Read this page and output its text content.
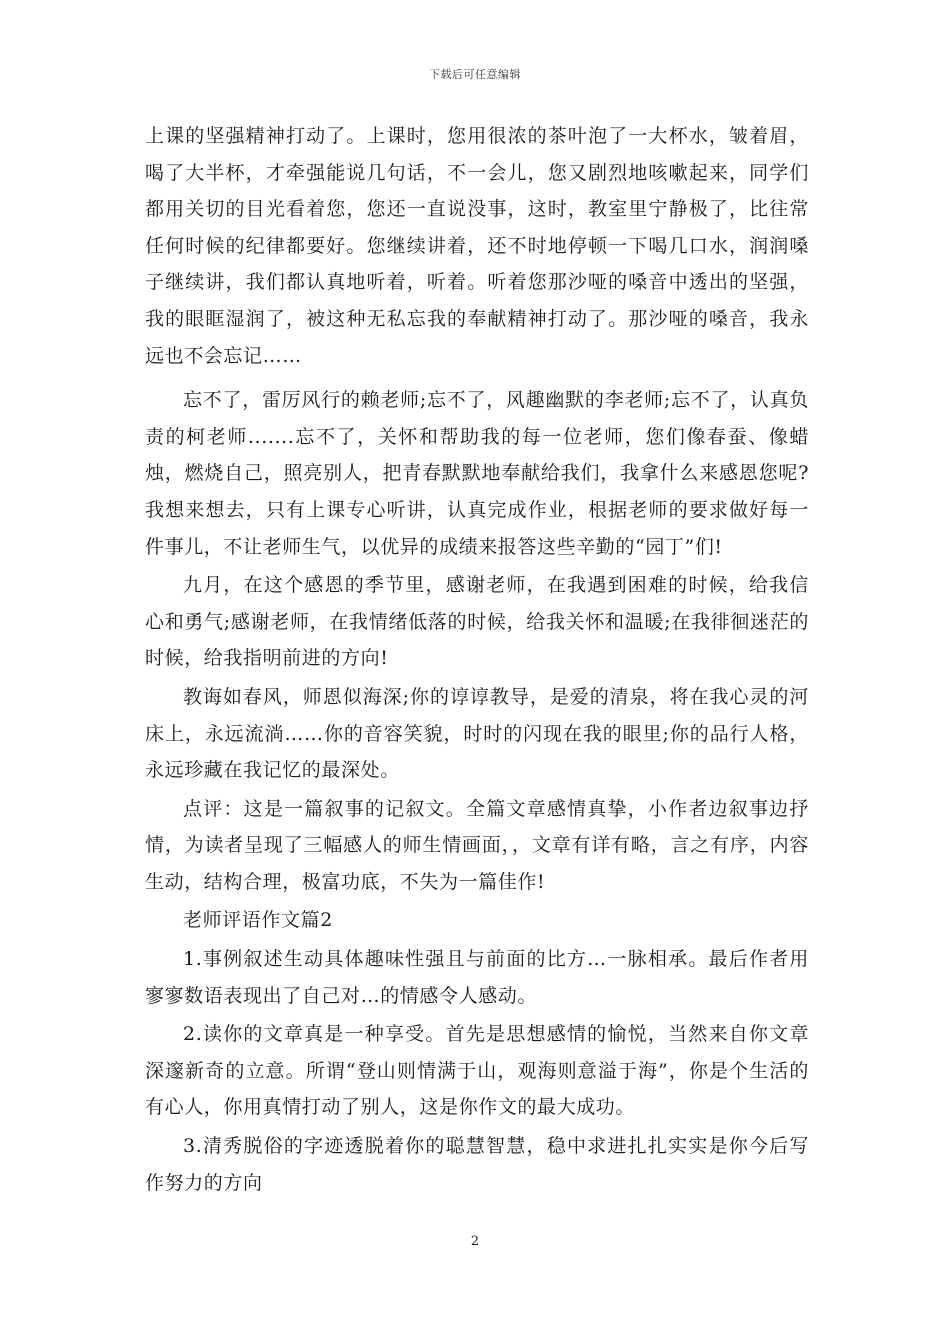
下载后可任意编辑

上课的坚强精神打动了。上课时，您用很浓的茶叶泡了一大杯水，皱着眉，喝了大半杯，才牵强能说几句话，不一会儿，您又剧烈地咳嗽起来，同学们都用关切的目光看着您，您还一直说没事，这时，教室里宁静极了，比往常任何时候的纪律都要好。您继续讲着，还不时地停顿一下喝几口水，润润嗓子继续讲，我们都认真地听着，听着。听着您那沙哑的嗓音中透出的坚强，我的眼眶湿润了，被这种无私忘我的奉献精神打动了。那沙哑的嗓音，我永远也不会忘记……

忘不了，雷厉风行的赖老师;忘不了，风趣幽默的李老师;忘不了，认真负责的柯老师.......忘不了，关怀和帮助我的每一位老师，您们像春蚕、像蜡烛，燃烧自己，照亮别人，把青春默默地奉献给我们，我拿什么来感恩您呢?我想来想去，只有上课专心听讲，认真完成作业，根据老师的要求做好每一件事儿，不让老师生气，以优异的成绩来报答这些辛勤的“园丁”们!

九月，在这个感恩的季节里，感谢老师，在我遇到困难的时候，给我信心和勇气;感谢老师，在我情绪低落的时候，给我关怀和温暖;在我徘徊迷茫的时候，给我指明前进的方向!

教诲如春风，师恩似海深;你的谆谆教导，是爱的清泉，将在我心灵的河床上，永远流淌……你的音容笑貌，时时的闪现在我的眼里;你的品行人格，永远珍藏在我记忆的最深处。

点评：这是一篇叙事的记叙文。全篇文章感情真挚，小作者边叙事边抒情，为读者呈现了三幅感人的师生情画面，，文章有详有略，言之有序，内容生动，结构合理，极富功底，不失为一篇佳作!

老师评语作文篇2

1.事例叙述生动具体趣味性强且与前面的比方…一脉相承。最后作者用寥寥数语表现出了自己对…的情感令人感动。

2.读你的文章真是一种享受。首先是思想感情的愉悦，当然来自你文章深邃新奇的立意。所谓“登山则情满于山，观海则意溢于海”，你是个生活的有心人，你用真情打动了别人，这是你作文的最大成功。

3.清秀脱俗的字迹透脱着你的聪慧智慧，稳中求进扎扎实实是你今后写作努力的方向

2
